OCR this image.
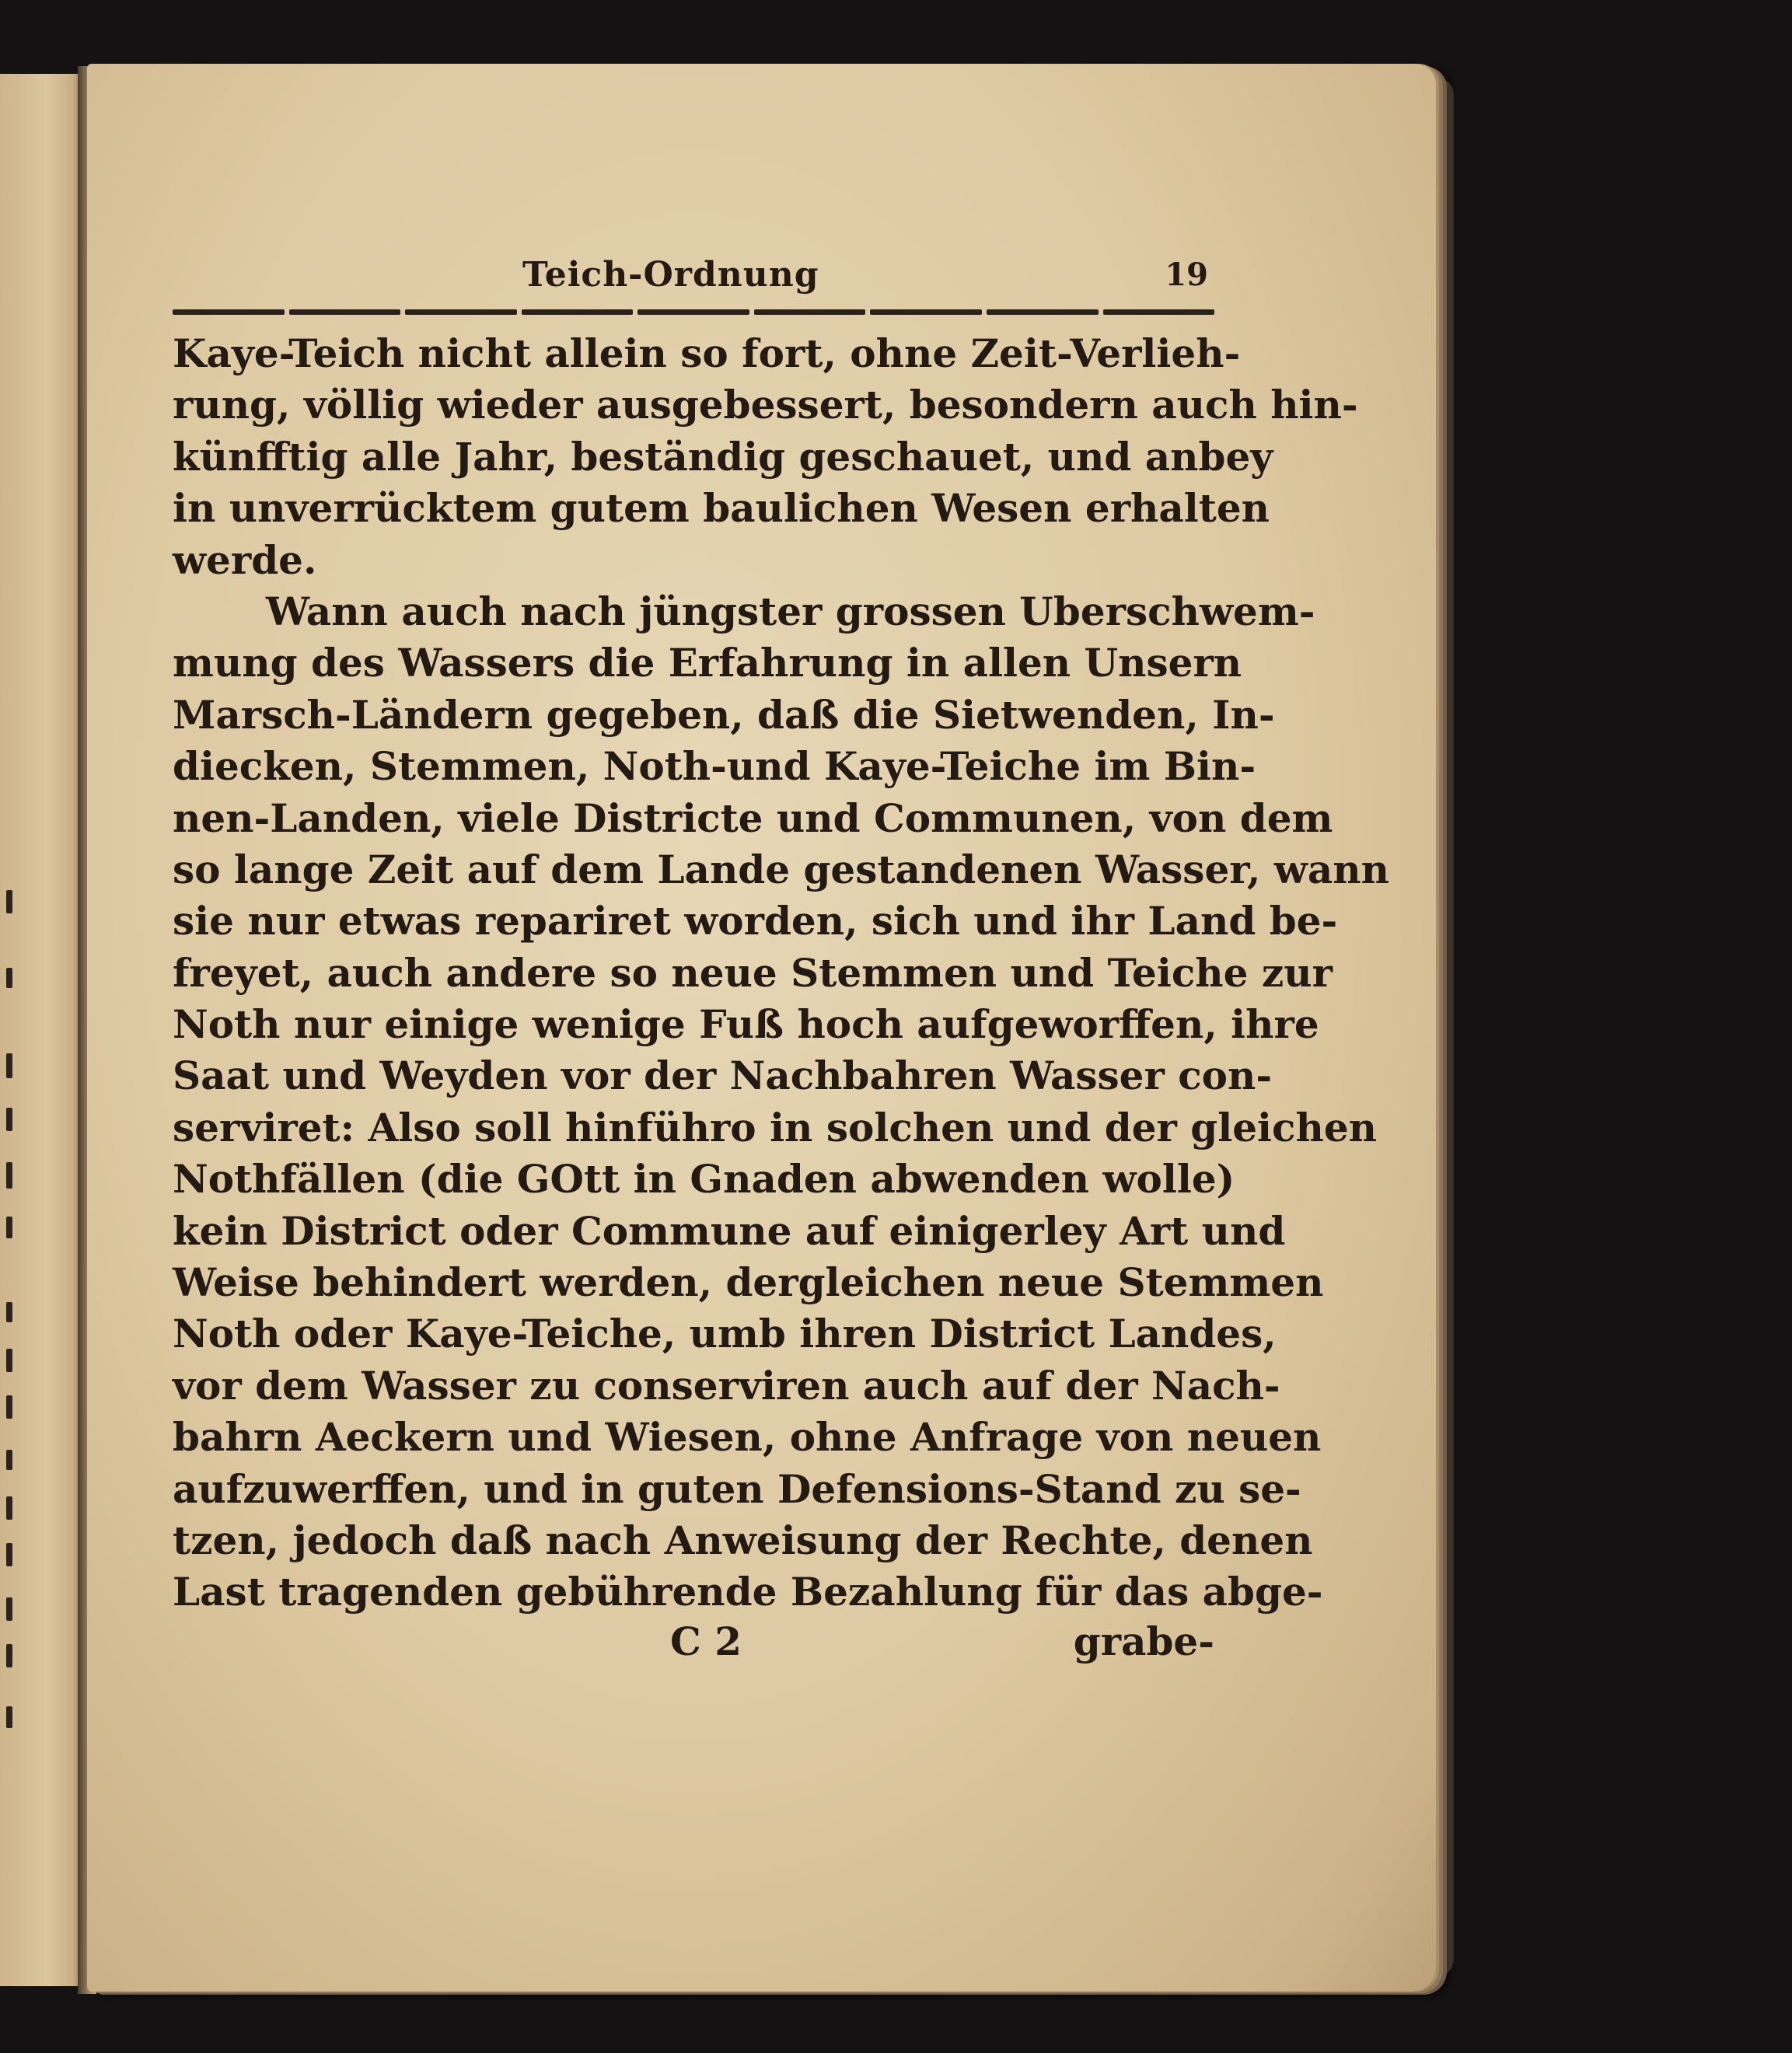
Teich-Ordnung	19
Kaye-Teich nicht allein so fort, ohne Zeit-Verlieh-
rung, völlig wieder ausgebessert, besondern auch hin-
künfftig alle Jahr, beständig geschauet, und anbey
in unverrücktem gutem baulichen Wesen erhalten
werde.
Wann auch nach jüngster grossen Uberschwem-
mung des Wassers die Erfahrung in allen Unsern
Marsch-Ländern gegeben, daß die Sietwenden, In-
diecken, Stemmen, Noth-und Kaye-Teiche im Bin-
nen-Landen, viele Districte und Communen, von dem
so lange Zeit auf dem Lande gestandenen Wasser, wann
sie nur etwas repariret worden, sich und ihr Land be-
freyet, auch andere so neue Stemmen und Teiche zur
Noth nur einige wenige Fuß hoch aufgeworffen, ihre
Saat und Weyden vor der Nachbahren Wasser con-
serviret: Also soll hinführo in solchen und der gleichen
Nothfällen (die GOtt in Gnaden abwenden wolle)
kein District oder Commune auf einigerley Art und
Weise behindert werden, dergleichen neue Stemmen
Noth oder Kaye-Teiche, umb ihren District Landes,
vor dem Wasser zu conserviren auch auf der Nach-
bahrn Aeckern und Wiesen, ohne Anfrage von neuen
aufzuwerffen, und in guten Defensions-Stand zu se-
tzen, jedoch daß nach Anweisung der Rechte, denen
Last tragenden gebührende Bezahlung für das abge-
C 2	grabe-
